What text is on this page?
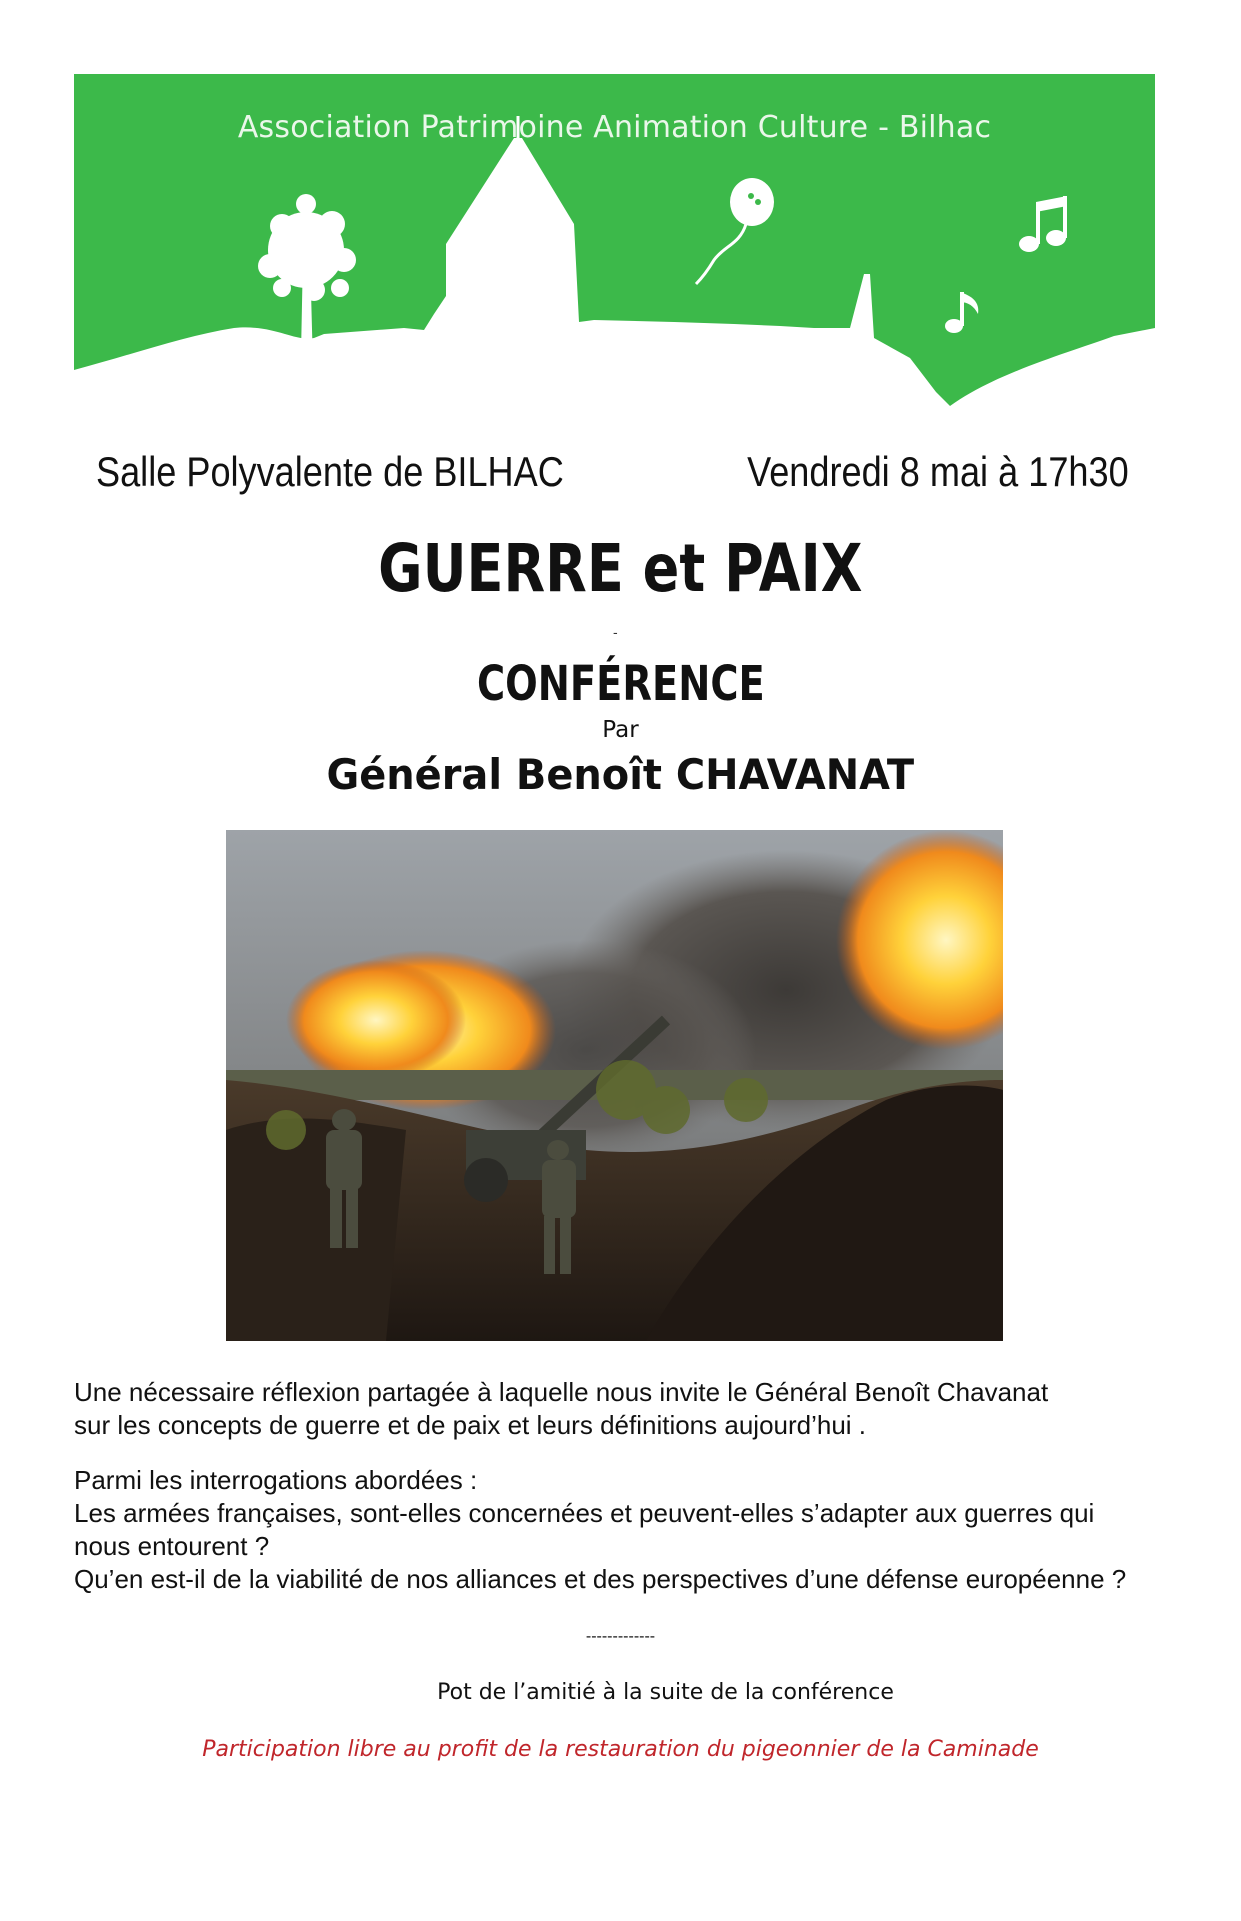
Association Patrimoine Animation Culture - Bilhac
Salle Polyvalente de BILHAC	Vendredi 8 mai à 17h30
GUERRE et PAIX
-
CONFÉRENCE
Par
Général Benoît CHAVANAT
Une nécessaire réflexion partagée à laquelle nous invite le Général Benoît Chavanat
sur les concepts de guerre et de paix et leurs définitions aujourd’hui .
Parmi les interrogations abordées :
Les armées françaises, sont-elles concernées et peuvent-elles s’adapter aux guerres qui nous entourent ?
Qu’en est-il de la viabilité de nos alliances et des perspectives d’une défense européenne ?
-------------
Pot de l’amitié à la suite de la conférence
Participation libre au profit de la restauration du pigeonnier de la Caminade
